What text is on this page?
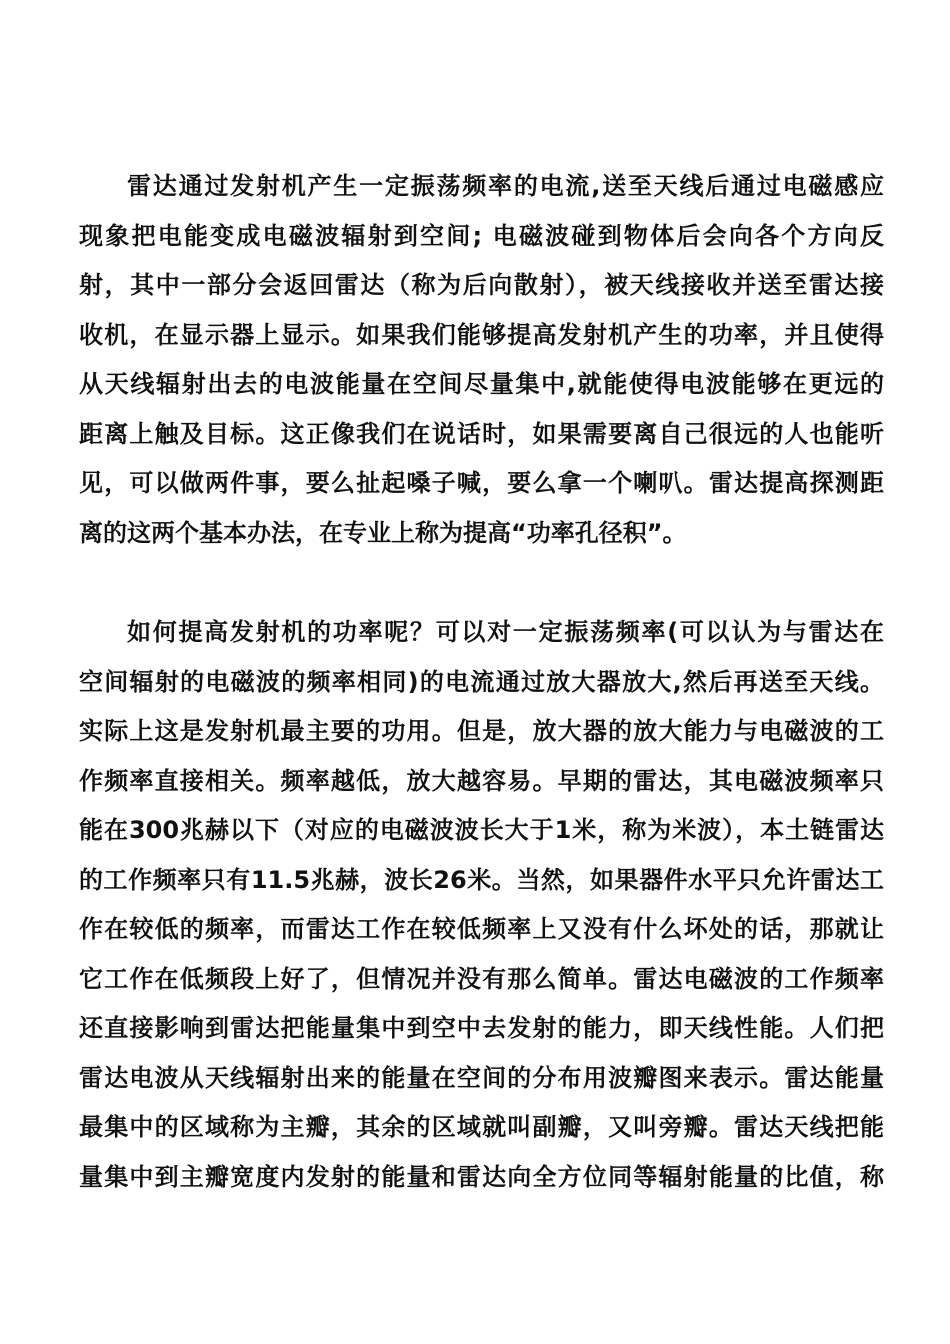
雷达通过发射机产生一定振荡频率的电流,送至天线后通过电磁感应
现象把电能变成电磁波辐射到空间; 电磁波碰到物体后会向各个方向反
射，其中一部分会返回雷达（称为后向散射），被天线接收并送至雷达接
收机，在显示器上显示。如果我们能够提高发射机产生的功率，并且使得
从天线辐射出去的电波能量在空间尽量集中,就能使得电波能够在更远的
距离上触及目标。这正像我们在说话时，如果需要离自己很远的人也能听
见，可以做两件事，要么扯起嗓子喊，要么拿一个喇叭。雷达提高探测距
离的这两个基本办法，在专业上称为提高“功率孔径积”。
如何提高发射机的功率呢？可以对一定振荡频率(可以认为与雷达在
空间辐射的电磁波的频率相同)的电流通过放大器放大,然后再送至天线。
实际上这是发射机最主要的功用。但是，放大器的放大能力与电磁波的工
作频率直接相关。频率越低，放大越容易。早期的雷达，其电磁波频率只
能在300兆赫以下（对应的电磁波波长大于1米，称为米波），本土链雷达
的工作频率只有11.5兆赫，波长26米。当然，如果器件水平只允许雷达工
作在较低的频率，而雷达工作在较低频率上又没有什么坏处的话，那就让
它工作在低频段上好了，但情况并没有那么简单。雷达电磁波的工作频率
还直接影响到雷达把能量集中到空中去发射的能力，即天线性能。人们把
雷达电波从天线辐射出来的能量在空间的分布用波瓣图来表示。雷达能量
最集中的区域称为主瓣，其余的区域就叫副瓣，又叫旁瓣。雷达天线把能
量集中到主瓣宽度内发射的能量和雷达向全方位同等辐射能量的比值，称
